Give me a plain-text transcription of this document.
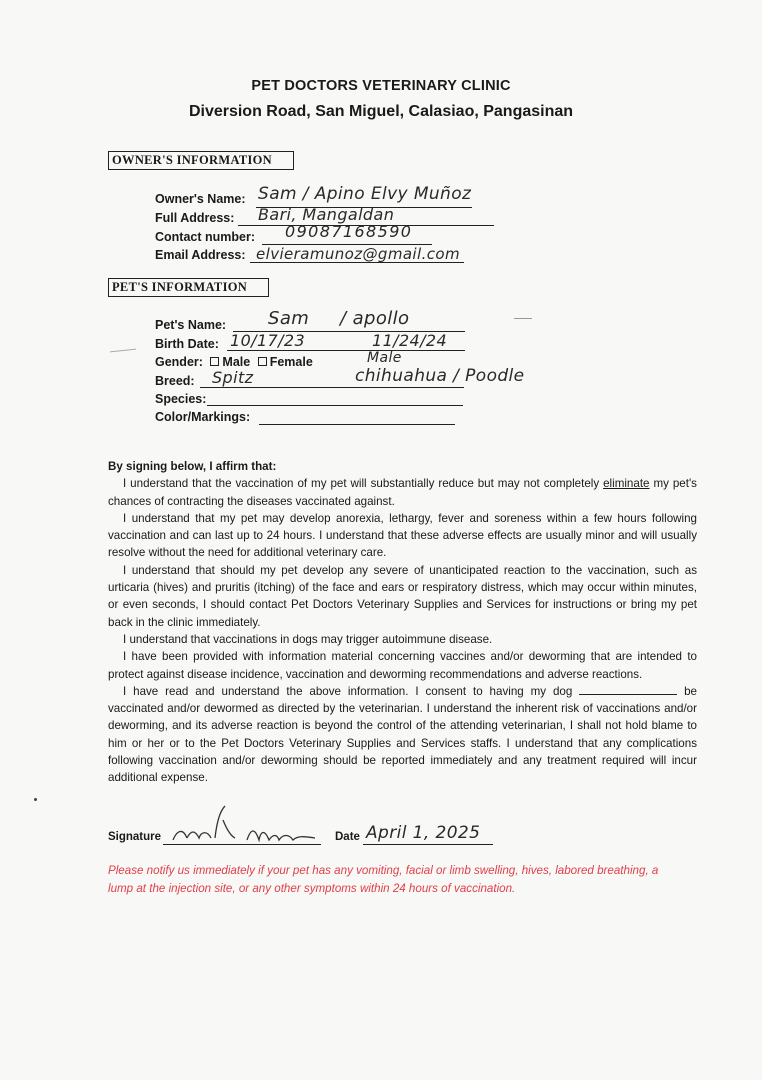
PET DOCTORS VETERINARY CLINIC
Diversion Road, San Miguel, Calasiao, Pangasinan
OWNER'S INFORMATION
Owner's Name: Sam / Apino Elvy Muñoz
Full Address: Bari, Mangaldan
Contact number: 09087168590
Email Address: elvieramunoz@gmail.com
PET'S INFORMATION
Pet's Name: Sam / apollo
Birth Date: 10/17/23	11/24/24
Gender: Male Female	Male
Breed: Spitz	chihuahua / Poodle
Species:
Color/Markings:

By signing below, I affirm that:

I understand that the vaccination of my pet will substantially reduce but may not completely eliminate my pet's chances of contracting the diseases vaccinated against.

I understand that my pet may develop anorexia, lethargy, fever and soreness within a few hours following vaccination and can last up to 24 hours. I understand that these adverse effects are usually minor and will usually resolve without the need for additional veterinary care.

I understand that should my pet develop any severe of unanticipated reaction to the vaccination, such as urticaria (hives) and pruritis (itching) of the face and ears or respiratory distress, which may occur within minutes, or even seconds, I should contact Pet Doctors Veterinary Supplies and Services for instructions or bring my pet back in the clinic immediately.

I understand that vaccinations in dogs may trigger autoimmune disease.

I have been provided with information material concerning vaccines and/or deworming that are intended to protect against disease incidence, vaccination and deworming recommendations and adverse reactions.

I have read and understand the above information. I consent to having my dog	be vaccinated and/or dewormed as directed by the veterinarian. I understand the inherent risk of vaccinations and/or deworming, and its adverse reaction is beyond the control of the attending veterinarian, I shall not hold blame to him or her or to the Pet Doctors Veterinary Supplies and Services staffs. I understand that any complications following vaccination and/or deworming should be reported immediately and any treatment required will incur additional expense.

Signature	Date April 1, 2025
Please notify us immediately if your pet has any vomiting, facial or limb swelling, hives, labored breathing, a lump at the injection site, or any other symptoms within 24 hours of vaccination.
